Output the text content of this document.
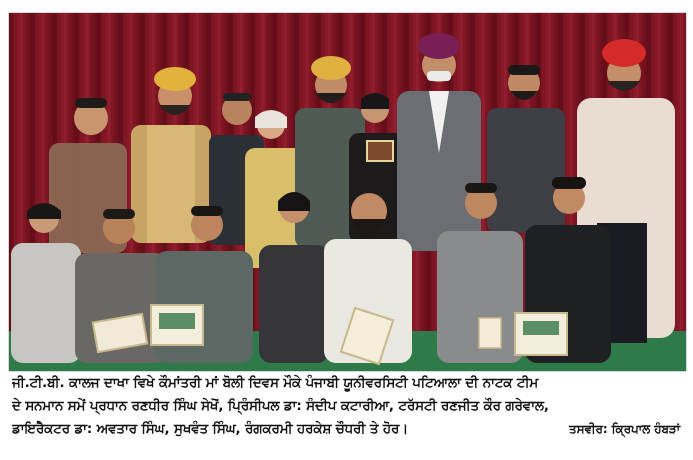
ਜੀ.ਟੀ.ਬੀ. ਕਾਲਜ ਦਾਖਾ ਵਿਖੇ ਕੌਮਾਂਤਰੀ ਮਾਂ ਬੋਲੀ ਦਿਵਸ ਮੌਕੇ ਪੰਜਾਬੀ ਯੂਨੀਵਰਸਿਟੀ ਪਟਿਆਲਾ ਦੀ ਨਾਟਕ ਟੀਮ
ਦੇ ਸਨਮਾਨ ਸਮੇਂ ਪ੍ਰਧਾਨ ਰਣਧੀਰ ਸਿੰਘ ਸੇਖੋਂ, ਪ੍ਰਿੰਸੀਪਲ ਡਾ: ਸੰਦੀਪ ਕਟਾਰੀਆ, ਟਰੱਸਟੀ ਰਣਜੀਤ ਕੌਰ ਗਰੇਵਾਲ,
ਡਾਇਰੈਕਟਰ ਡਾ: ਅਵਤਾਰ ਸਿੰਘ, ਸੁਖਵੰਤ ਸਿੰਘ, ਰੰਗਕਰਮੀ ਹਰਕੇਸ਼ ਚੌਧਰੀ ਤੇ ਹੋਰ।	ਤਸਵੀਰ: ਕ੍ਰਿਪਾਲ ਹੰਬੜਾਂ
